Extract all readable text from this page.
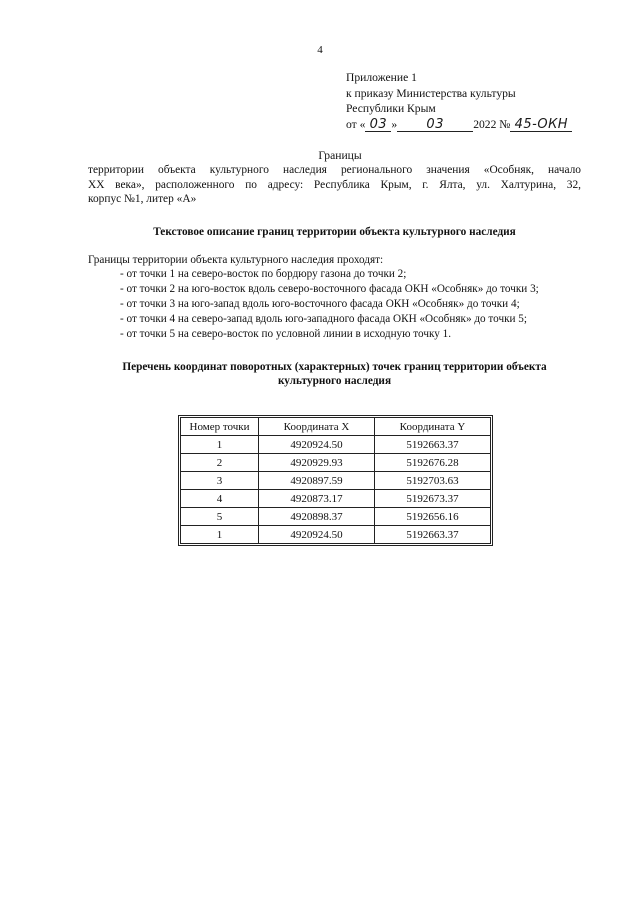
4
Приложение 1
к приказу Министерства культуры
Республики Крым
от « 03 » 03	2022 № 45-ОКН
Границы
территории объекта культурного наследия регионального значения «Особняк, начало
XX века», расположенного по адресу: Республика Крым, г. Ялта, ул. Халтурина, 32,
корпус №1, литер «А»
Текстовое описание границ территории объекта культурного наследия
Границы территории объекта культурного наследия проходят:
- от точки 1 на северо-восток по бордюру газона до точки 2;
- от точки 2 на юго-восток вдоль северо-восточного фасада ОКН «Особняк» до точки 3;
- от точки 3 на юго-запад вдоль юго-восточного фасада ОКН «Особняк» до точки 4;
- от точки 4 на северо-запад вдоль юго-западного фасада ОКН «Особняк» до точки 5;
- от точки 5 на северо-восток по условной линии в исходную точку 1.
Перечень координат поворотных (характерных) точек границ территории объекта
культурного наследия
Номер точки	Координата X	Координата Y
1	4920924.50	5192663.37
2	4920929.93	5192676.28
3	4920897.59	5192703.63
4	4920873.17	5192673.37
5	4920898.37	5192656.16
1	4920924.50	5192663.37
